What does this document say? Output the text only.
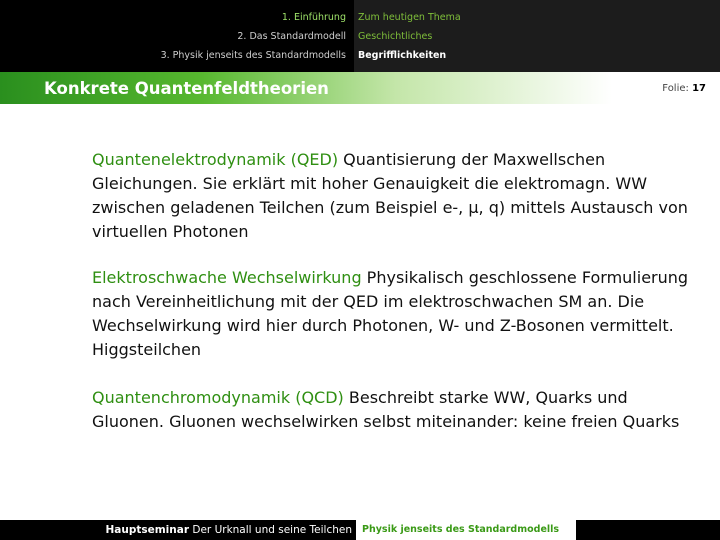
1. Einführung
2. Das Standardmodell
3. Physik jenseits des Standardmodells
Zum heutigen Thema
Geschichtliches
Begrifflichkeiten
Konkrete Quantenfeldtheorien	Folie: 17

Quantenelektrodynamik (QED) Quantisierung der Maxwellschen Gleichungen. Sie erklärt mit hoher Genauigkeit die elektromagn. WW zwischen geladenen Teilchen (zum Beispiel e-, μ, q) mittels Austausch von virtuellen Photonen

Elektroschwache Wechselwirkung Physikalisch geschlossene Formulierung nach Vereinheitlichung mit der QED im elektroschwachen SM an. Die Wechselwirkung wird hier durch Photonen, W- und Z-Bosonen vermittelt. Higgsteilchen

Quantenchromodynamik (QCD) Beschreibt starke WW, Quarks und Gluonen. Gluonen wechselwirken selbst miteinander: keine freien Quarks

Hauptseminar Der Urknall und seine Teilchen Physik jenseits des Standardmodells
